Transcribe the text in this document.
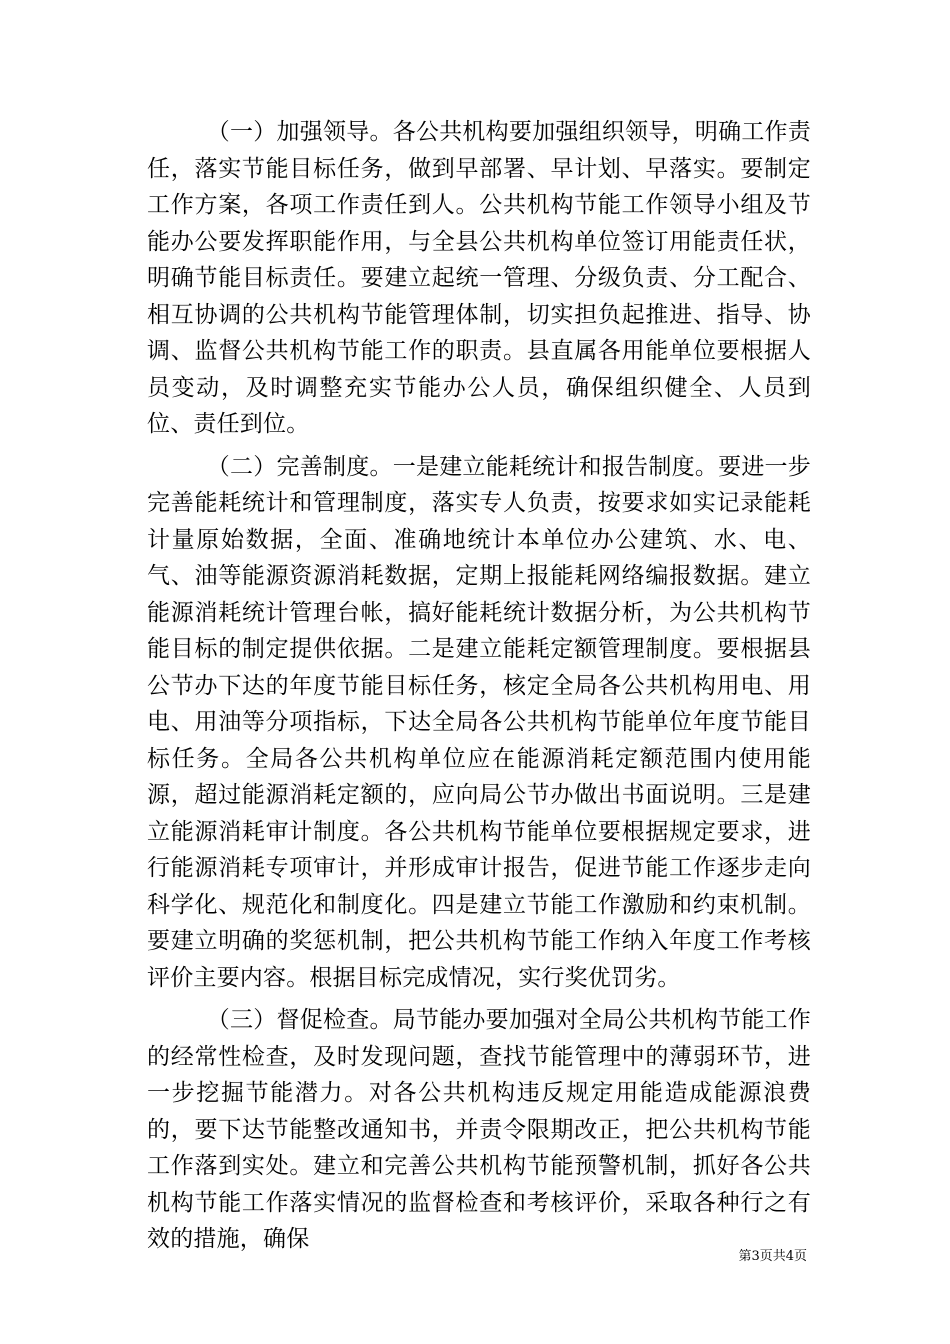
（一）加强领导。各公共机构要加强组织领导，明确工作责任，落实节能目标任务，做到早部署、早计划、早落实。要制定工作方案，各项工作责任到人。公共机构节能工作领导小组及节能办公要发挥职能作用，与全县公共机构单位签订用能责任状，明确节能目标责任。要建立起统一管理、分级负责、分工配合、相互协调的公共机构节能管理体制，切实担负起推进、指导、协调、监督公共机构节能工作的职责。县直属各用能单位要根据人员变动，及时调整充实节能办公人员，确保组织健全、人员到位、责任到位。

（二）完善制度。一是建立能耗统计和报告制度。要进一步完善能耗统计和管理制度，落实专人负责，按要求如实记录能耗计量原始数据，全面、准确地统计本单位办公建筑、水、电、气、油等能源资源消耗数据，定期上报能耗网络编报数据。建立能源消耗统计管理台帐，搞好能耗统计数据分析，为公共机构节能目标的制定提供依据。二是建立能耗定额管理制度。要根据县公节办下达的年度节能目标任务，核定全局各公共机构用电、用电、用油等分项指标，下达全局各公共机构节能单位年度节能目标任务。全局各公共机构单位应在能源消耗定额范围内使用能源，超过能源消耗定额的，应向局公节办做出书面说明。三是建立能源消耗审计制度。各公共机构节能单位要根据规定要求，进行能源消耗专项审计，并形成审计报告，促进节能工作逐步走向科学化、规范化和制度化。四是建立节能工作激励和约束机制。要建立明确的奖惩机制，把公共机构节能工作纳入年度工作考核评价主要内容。根据目标完成情况，实行奖优罚劣。

（三）督促检查。局节能办要加强对全局公共机构节能工作的经常性检查，及时发现问题，查找节能管理中的薄弱环节，进一步挖掘节能潜力。对各公共机构违反规定用能造成能源浪费的，要下达节能整改通知书，并责令限期改正，把公共机构节能工作落到实处。建立和完善公共机构节能预警机制，抓好各公共机构节能工作落实情况的监督检查和考核评价，采取各种行之有效的措施，确保

第3页共4页
